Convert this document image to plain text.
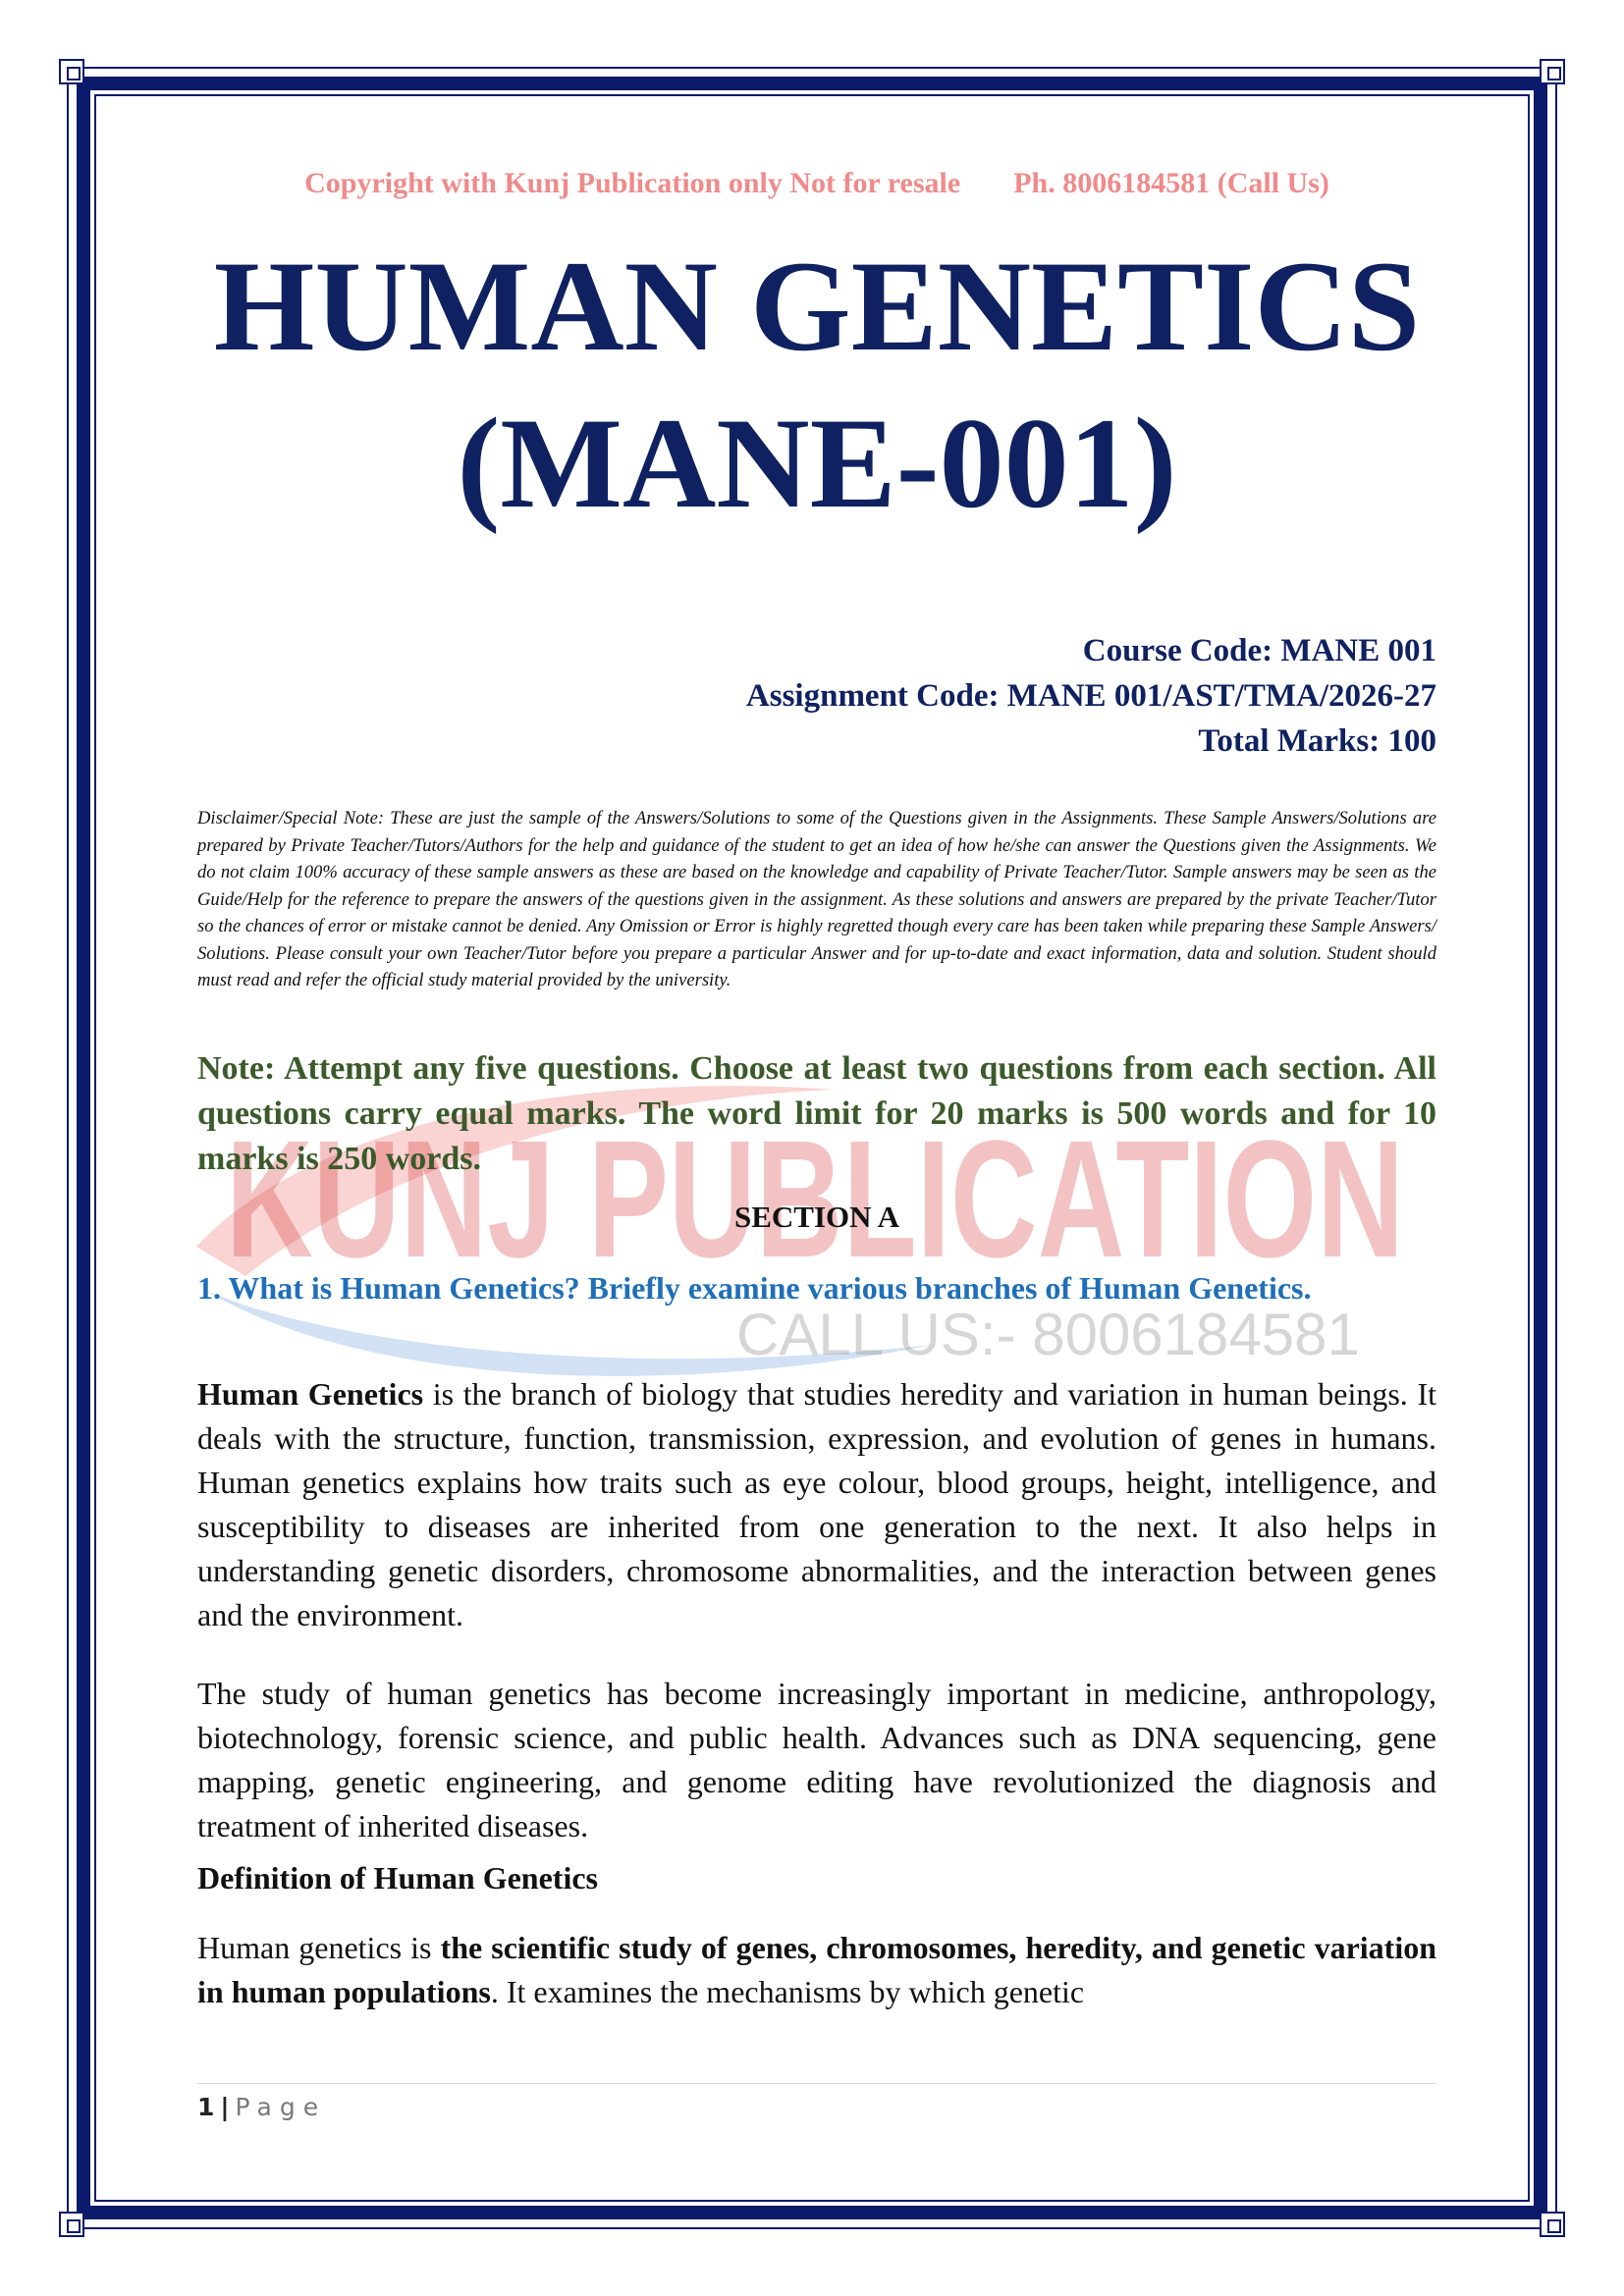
KUNJ PUBLICATION
CALL US:- 8006184581
Copyright with Kunj Publication only Not for resale Ph. 8006184581 (Call Us)
HUMAN GENETICS
(MANE-001)
Course Code: MANE 001
Assignment Code: MANE 001/AST/TMA/2026-27
Total Marks: 100
Disclaimer/Special Note: These are just the sample of the Answers/Solutions to some of the Questions given in the Assignments. These Sample Answers/Solutions are prepared by Private Teacher/Tutors/Authors for the help and guidance of the student to get an idea of how he/she can answer the Questions given the Assignments. We do not claim 100% accuracy of these sample answers as these are based on the knowledge and capability of Private Teacher/Tutor. Sample answers may be seen as the Guide/Help for the reference to prepare the answers of the questions given in the assignment. As these solutions and answers are prepared by the private Teacher/Tutor so the chances of error or mistake cannot be denied. Any Omission or Error is highly regretted though every care has been taken while preparing these Sample Answers/ Solutions. Please consult your own Teacher/Tutor before you prepare a particular Answer and for up-to-date and exact information, data and solution. Student should must read and refer the official study material provided by the university.
Note: Attempt any five questions. Choose at least two questions from each section. All questions carry equal marks. The word limit for 20 marks is 500 words and for 10 marks is 250 words.
SECTION A
1. What is Human Genetics? Briefly examine various branches of Human Genetics.
Human Genetics is the branch of biology that studies heredity and variation in human beings. It deals with the structure, function, transmission, expression, and evolution of genes in humans. Human genetics explains how traits such as eye colour, blood groups, height, intelligence, and susceptibility to diseases are inherited from one generation to the next. It also helps in understanding genetic disorders, chromosome abnormalities, and the interaction between genes and the environment.
The study of human genetics has become increasingly important in medicine, anthropology, biotechnology, forensic science, and public health. Advances such as DNA sequencing, gene mapping, genetic engineering, and genome editing have revolutionized the diagnosis and treatment of inherited diseases.
Definition of Human Genetics
Human genetics is the scientific study of genes, chromosomes, heredity, and genetic variation in human populations. It examines the mechanisms by which genetic
1 | Page
